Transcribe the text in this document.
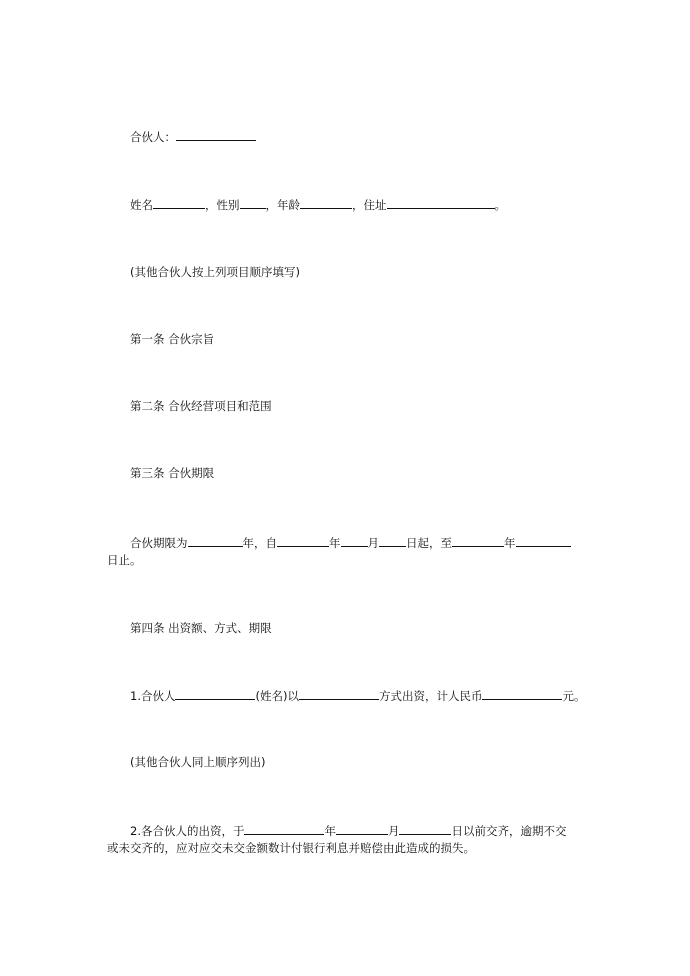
合伙人：
姓名	，性别 ，年龄	，住址	。
(其他合伙人按上列项目顺序填写)
第一条 合伙宗旨
第二条 合伙经营项目和范围
第三条 合伙期限
合伙期限为	年，自	年 月 日起，至	年
日止。
第四条 出资额、方式、期限
1.合伙人	(姓名)以	方式出资，计人民币	元。
(其他合伙人同上顺序列出)
2.各合伙人的出资，于	年	月	日以前交齐，逾期不交
或未交齐的，应对应交未交金额数计付银行利息并赔偿由此造成的损失。
